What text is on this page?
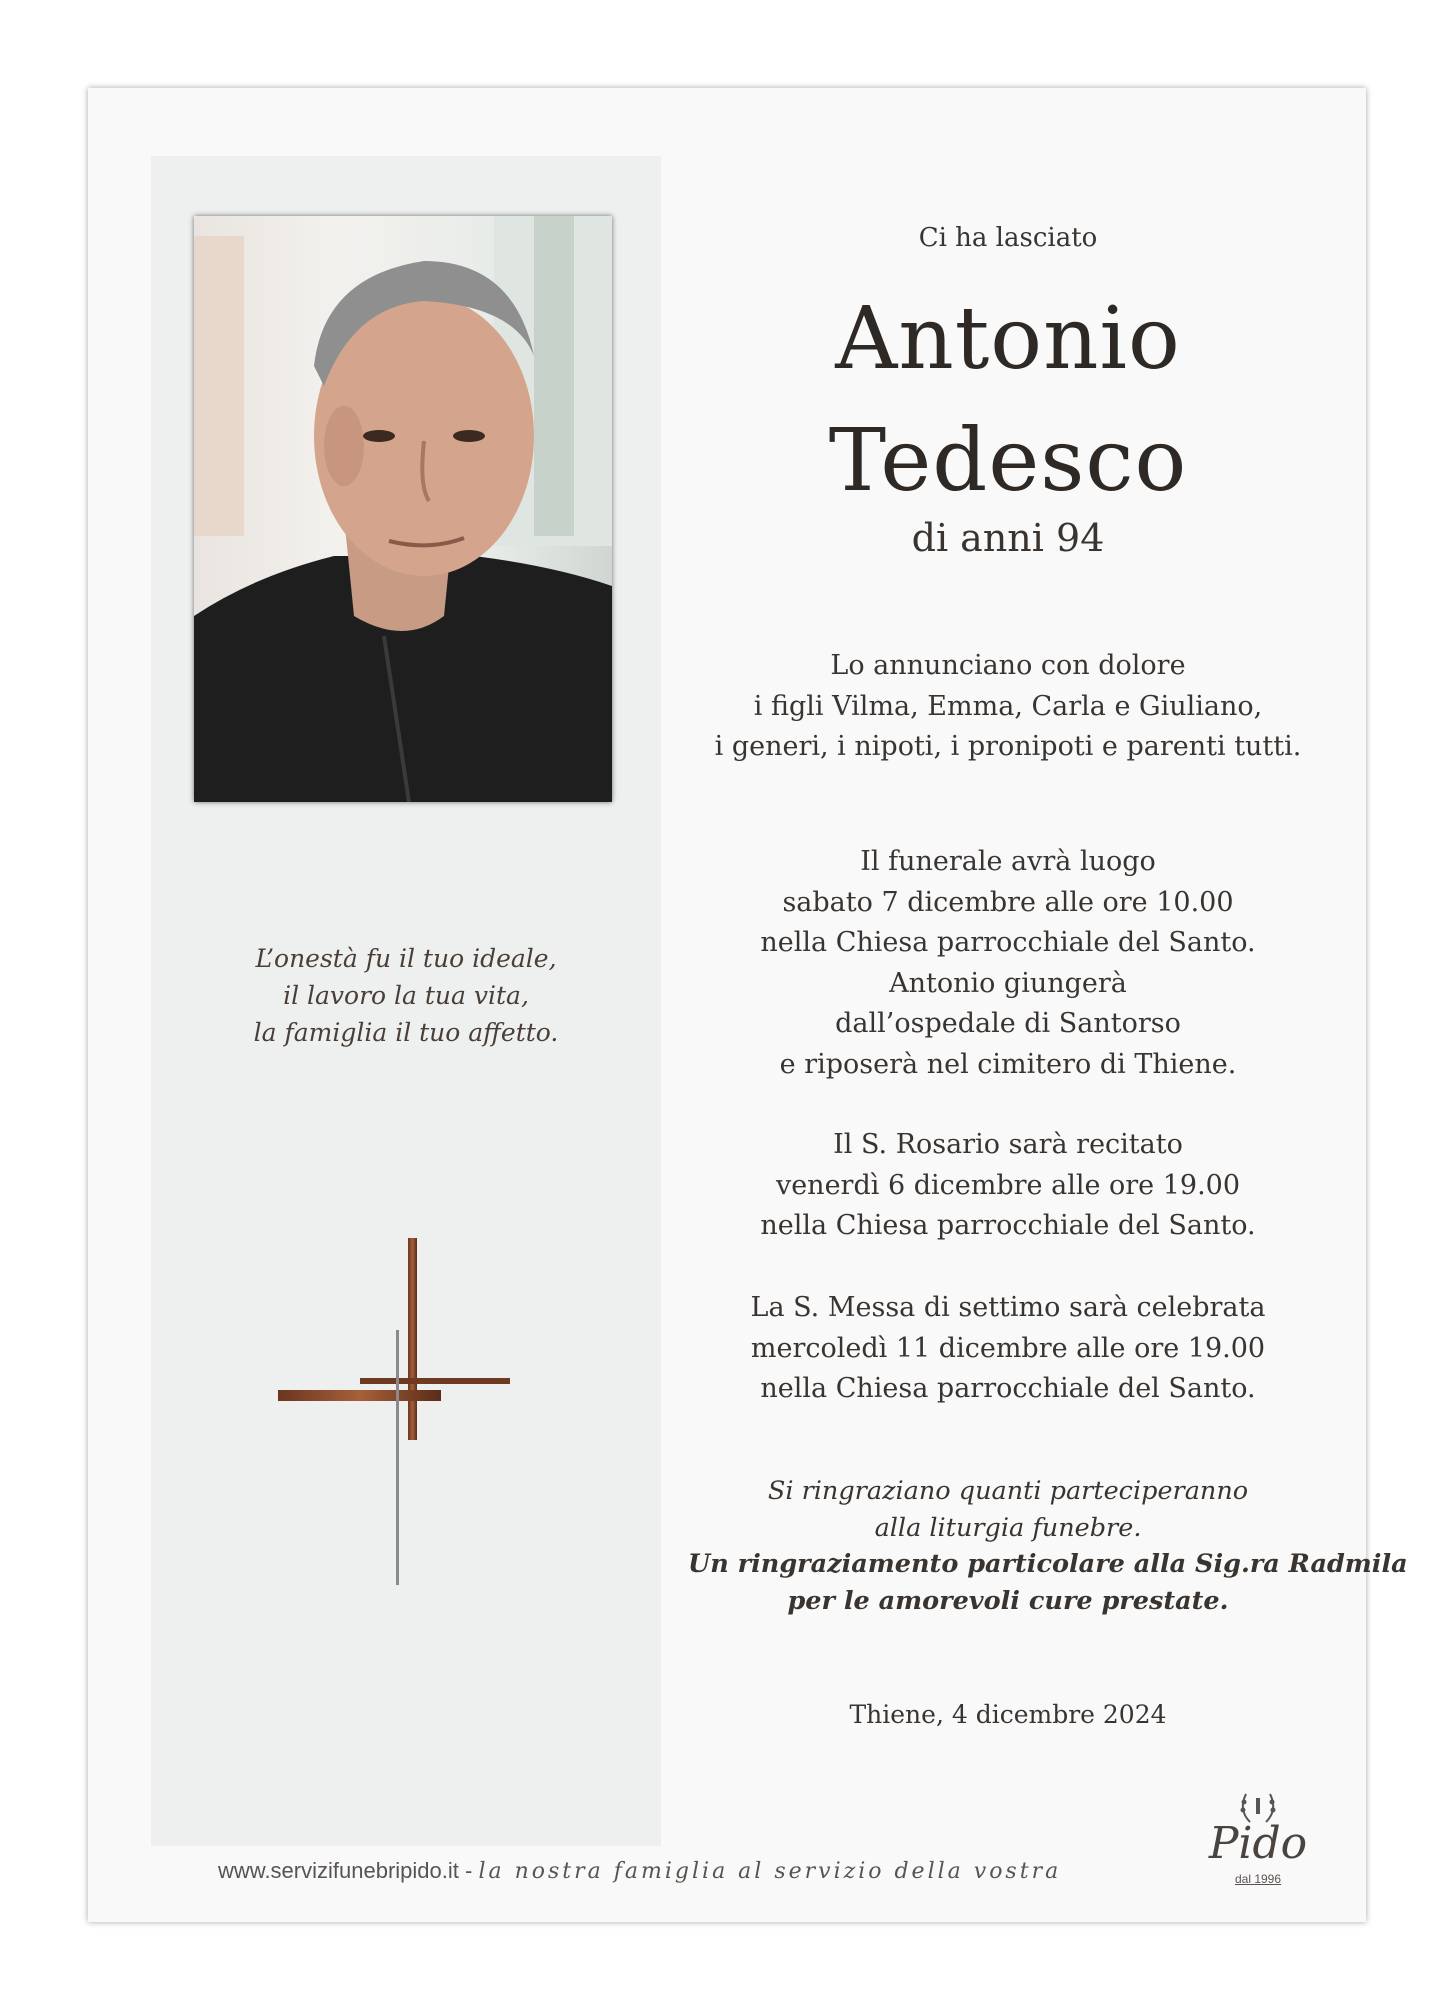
L’onestà fu il tuo ideale,
il lavoro la tua vita,
la famiglia il tuo affetto.
Ci ha lasciato
Antonio
Tedesco
di anni 94
Lo annunciano con dolore
i figli Vilma, Emma, Carla e Giuliano,
i generi, i nipoti, i pronipoti e parenti tutti.
Il funerale avrà luogo
sabato 7 dicembre alle ore 10.00
nella Chiesa parrocchiale del Santo.
Antonio giungerà
dall’ospedale di Santorso
e riposerà nel cimitero di Thiene.
Il S. Rosario sarà recitato
venerdì 6 dicembre alle ore 19.00
nella Chiesa parrocchiale del Santo.
La S. Messa di settimo sarà celebrata
mercoledì 11 dicembre alle ore 19.00
nella Chiesa parrocchiale del Santo.
Si ringraziano quanti parteciperanno
alla liturgia funebre.
Un ringraziamento particolare alla Sig.ra Radmila
per le amorevoli cure prestate.
Thiene, 4 dicembre 2024
www.servizifunebripido.it - la nostra famiglia al servizio della vostra
Pido
dal 1996
